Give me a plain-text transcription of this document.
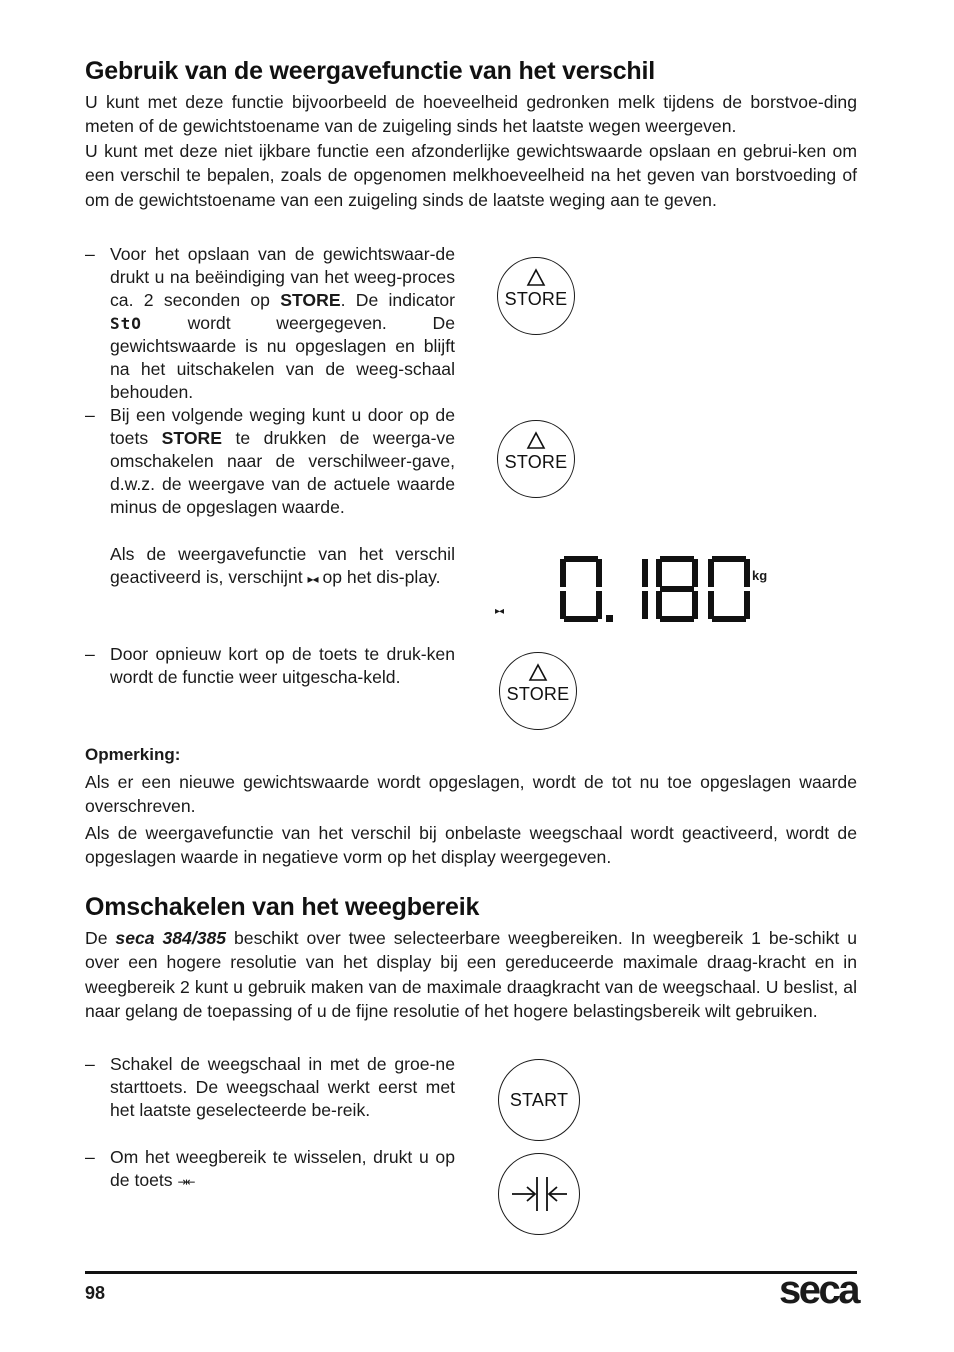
Gebruik van de weergavefunctie van het verschil

U kunt met deze functie bijvoorbeeld de hoeveelheid gedronken melk tijdens de borstvoe-ding meten of de gewichtstoename van de zuigeling sinds het laatste wegen weergeven.

U kunt met deze niet ijkbare functie een afzonderlijke gewichtswaarde opslaan en gebrui-ken om een verschil te bepalen, zoals de opgenomen melkhoeveelheid na het geven van borstvoeding of om de gewichtstoename van een zuigeling sinds de laatste weging aan te geven.

– Voor het opslaan van de gewichtswaar-de drukt u na beëindiging van het weeg-proces ca. 2 seconden op STORE. De indicator StO wordt weergegeven. De gewichtswaarde is nu opgeslagen en blijft na het uitschakelen van de weeg-schaal behouden.
– Bij een volgende weging kunt u door op de toets STORE te drukken de weerga-ve omschakelen naar de verschilweer-gave, d.w.z. de weergave van de actuele waarde minus de opgeslagen waarde.

Als de weergavefunctie van het verschil geactiveerd is, verschijnt ▸◂ op het dis-play.

– Door opnieuw kort op de toets te druk-ken wordt de functie weer uitgescha-keld.
STORE
STORE
STORE
▸◂
kg
Opmerking:

Als er een nieuwe gewichtswaarde wordt opgeslagen, wordt de tot nu toe opgeslagen waarde overschreven.

Als de weergavefunctie van het verschil bij onbelaste weegschaal wordt geactiveerd, wordt de opgeslagen waarde in negatieve vorm op het display weergegeven.

Omschakelen van het weegbereik

De seca 384/385 beschikt over twee selecteerbare weegbereiken. In weegbereik 1 be-schikt u over een hogere resolutie van het display bij een gereduceerde maximale draag-kracht en in weegbereik 2 kunt u gebruik maken van de maximale draagkracht van de weegschaal. U beslist, al naar gelang de toepassing of u de fijne resolutie of het hogere belastingsbereik wilt gebruiken.

– Schakel de weegschaal in met de groe-ne starttoets. De weegschaal werkt eerst met het laatste geselecteerde be-reik.
– Om het weegbereik te wisselen, drukt u op de toets ⇥⇤
START
98	seca
